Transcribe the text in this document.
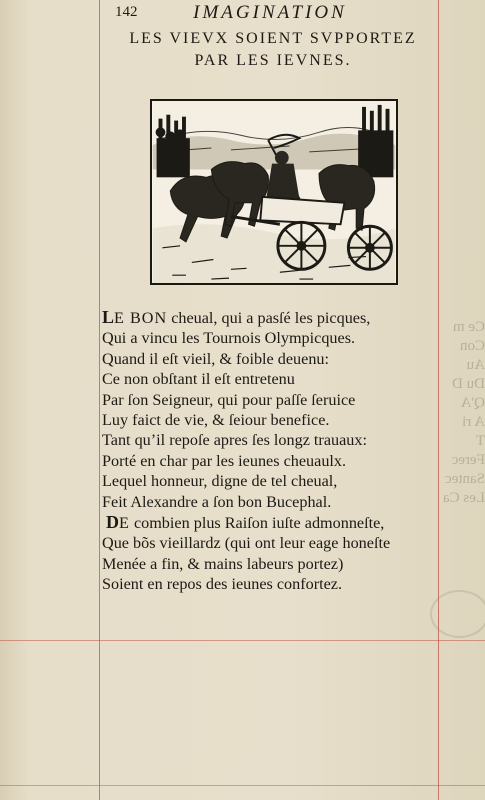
Ce m
Con
Au
Du D
Q'A
A ri
T
Ferec
Santec
Les Ca
142	IMAGINATION
LES VIEVX SOIENT SVPPORTEZ
PAR LES IEVNES.
LE BON cheual, qui a pasſé les picques,
Qui a vincu les Tournois Olympicques.
Quand il eſt vieil, & foible deuenu:
Ce non obſtant il eſt entretenu
Par ſon Seigneur, qui pour paſſe ſeruice
Luy faict de vie, & ſeiour benefice.
Tant qu’il repoſe apres ſes longz trauaux:
Porté en char par les ieunes cheuaulx.
Lequel honneur, digne de tel cheual,
Feit Alexandre a ſon bon Bucephal.
DE combien plus Raiſon iuſte admonneſte,
Que bõs vieillardz (qui ont leur eage honeſte
Menée a fin, & mains labeurs portez)
Soient en repos des ieunes confortez.
